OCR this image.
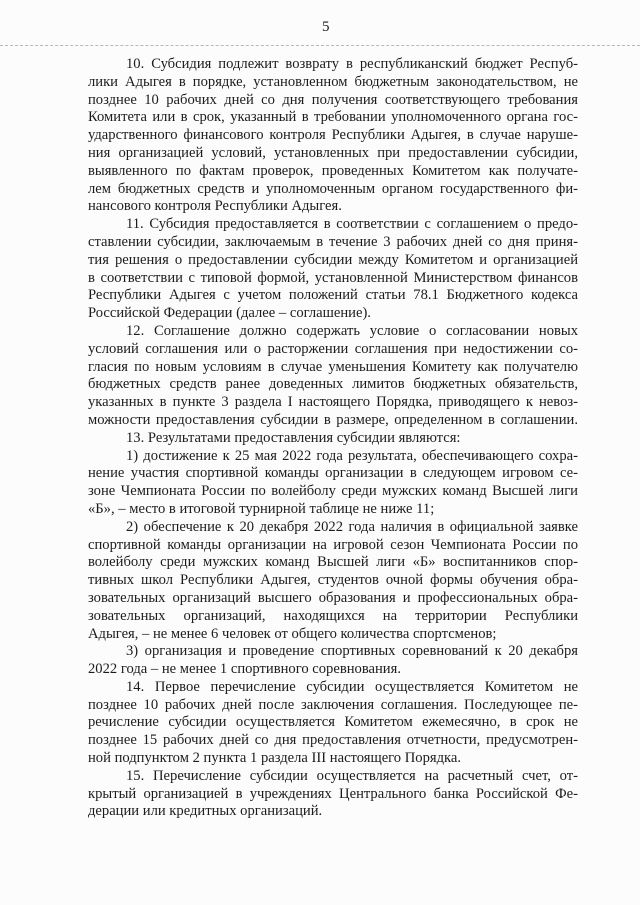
5
10. Субсидия подлежит возврату в республиканский бюджет Респуб-
лики Адыгея в порядке, установленном бюджетным законодательством, не
позднее 10 рабочих дней со дня получения соответствующего требования
Комитета или в срок, указанный в требовании уполномоченного органа гос-
ударственного финансового контроля Республики Адыгея, в случае наруше-
ния организацией условий, установленных при предоставлении субсидии,
выявленного по фактам проверок, проведенных Комитетом как получате-
лем бюджетных средств и уполномоченным органом государственного фи-
нансового контроля Республики Адыгея.
11. Субсидия предоставляется в соответствии с соглашением о предо-
ставлении субсидии, заключаемым в течение 3 рабочих дней со дня приня-
тия решения о предоставлении субсидии между Комитетом и организацией
в соответствии с типовой формой, установленной Министерством финансов
Республики Адыгея с учетом положений статьи 78.1 Бюджетного кодекса
Российской Федерации (далее – соглашение).
12. Соглашение должно содержать условие о согласовании новых
условий соглашения или о расторжении соглашения при недостижении со-
гласия по новым условиям в случае уменьшения Комитету как получателю
бюджетных средств ранее доведенных лимитов бюджетных обязательств,
указанных в пункте 3 раздела I настоящего Порядка, приводящего к невоз-
можности предоставления субсидии в размере, определенном в соглашении.
13. Результатами предоставления субсидии являются:
1) достижение к 25 мая 2022 года результата, обеспечивающего сохра-
нение участия спортивной команды организации в следующем игровом се-
зоне Чемпионата России по волейболу среди мужских команд Высшей лиги
«Б», – место в итоговой турнирной таблице не ниже 11;
2) обеспечение к 20 декабря 2022 года наличия в официальной заявке
спортивной команды организации на игровой сезон Чемпионата России по
волейболу среди мужских команд Высшей лиги «Б» воспитанников спор-
тивных школ Республики Адыгея, студентов очной формы обучения обра-
зовательных организаций высшего образования и профессиональных обра-
зовательных организаций, находящихся на территории Республики
Адыгея, – не менее 6 человек от общего количества спортсменов;
3) организация и проведение спортивных соревнований к 20 декабря
2022 года – не менее 1 спортивного соревнования.
14. Первое перечисление субсидии осуществляется Комитетом не
позднее 10 рабочих дней после заключения соглашения. Последующее пе-
речисление субсидии осуществляется Комитетом ежемесячно, в срок не
позднее 15 рабочих дней со дня предоставления отчетности, предусмотрен-
ной подпунктом 2 пункта 1 раздела III настоящего Порядка.
15. Перечисление субсидии осуществляется на расчетный счет, от-
крытый организацией в учреждениях Центрального банка Российской Фе-
дерации или кредитных организаций.
